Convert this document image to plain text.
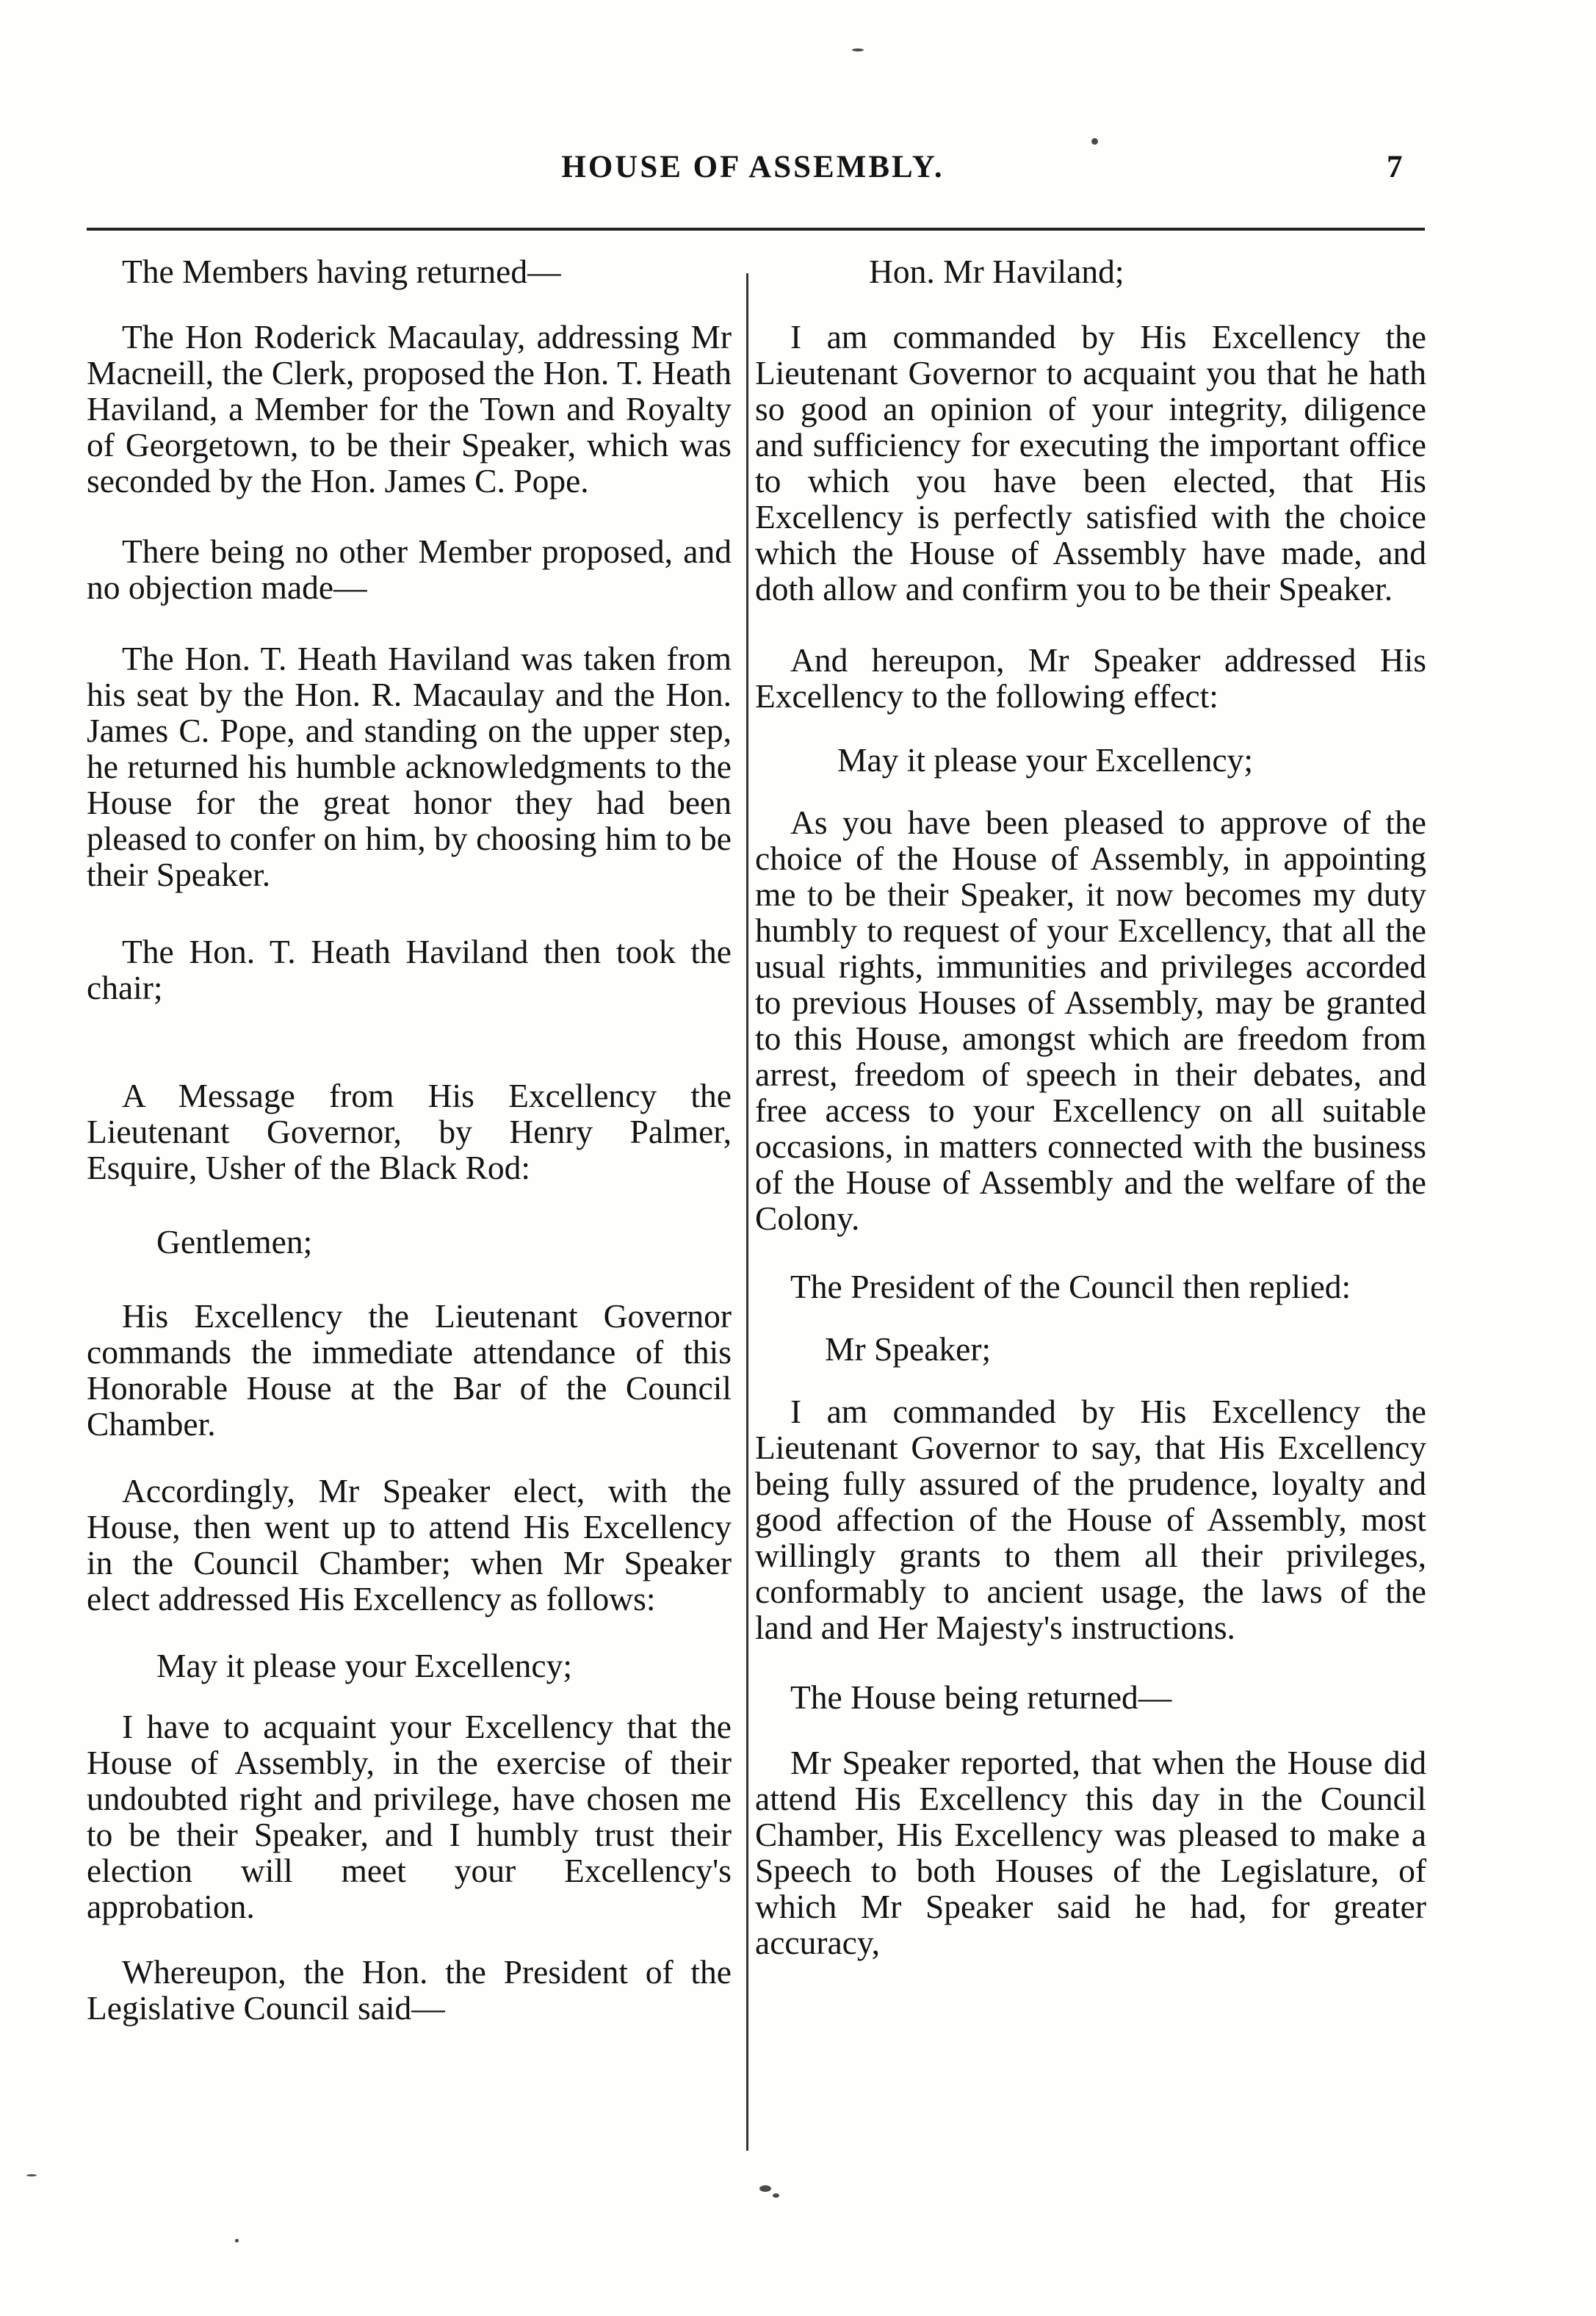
HOUSE OF ASSEMBLY.	7

The Members having returned—

The Hon Roderick Macaulay, addressing Mr Macneill, the Clerk, proposed the Hon. T. Heath Haviland, a Member for the Town and Royalty of Georgetown, to be their Speaker, which was seconded by the Hon. James C. Pope.

There being no other Member proposed, and no objection made—

The Hon. T. Heath Haviland was taken from his seat by the Hon. R. Macaulay and the Hon. James C. Pope, and standing on the upper step, he returned his humble acknowledgments to the House for the great honor they had been pleased to confer on him, by choosing him to be their Speaker.

The Hon. T. Heath Haviland then took the chair;

A Message from His Excellency the Lieutenant Governor, by Henry Palmer, Esquire, Usher of the Black Rod:

Gentlemen;

His Excellency the Lieutenant Governor commands the immediate attendance of this Honorable House at the Bar of the Council Chamber.

Accordingly, Mr Speaker elect, with the House, then went up to attend His Excellency in the Council Chamber; when Mr Speaker elect addressed His Excellency as follows:

May it please your Excellency;

I have to acquaint your Excellency that the House of Assembly, in the exercise of their undoubted right and privilege, have chosen me to be their Speaker, and I humbly trust their election will meet your Excellency's approbation.

Whereupon, the Hon. the President of the Legislative Council said—

Hon. Mr Haviland;

I am commanded by His Excellency the Lieutenant Governor to acquaint you that he hath so good an opinion of your integrity, diligence and sufficiency for executing the important office to which you have been elected, that His Excellency is perfectly satisfied with the choice which the House of Assembly have made, and doth allow and confirm you to be their Speaker.

And hereupon, Mr Speaker addressed His Excellency to the following effect:

May it please your Excellency;

As you have been pleased to approve of the choice of the House of Assembly, in appointing me to be their Speaker, it now becomes my duty humbly to request of your Excellency, that all the usual rights, immunities and privileges accorded to previous Houses of Assembly, may be granted to this House, amongst which are freedom from arrest, freedom of speech in their debates, and free access to your Excellency on all suitable occasions, in matters connected with the business of the House of Assembly and the welfare of the Colony.

The President of the Council then replied:

Mr Speaker;

I am commanded by His Excellency the Lieutenant Governor to say, that His Excellency being fully assured of the prudence, loyalty and good affection of the House of Assembly, most willingly grants to them all their privileges, conformably to ancient usage, the laws of the land and Her Majesty's instructions.

The House being returned—

Mr Speaker reported, that when the House did attend His Excellency this day in the Council Chamber, His Excellency was pleased to make a Speech to both Houses of the Legislature, of which Mr Speaker said he had, for greater accuracy,
